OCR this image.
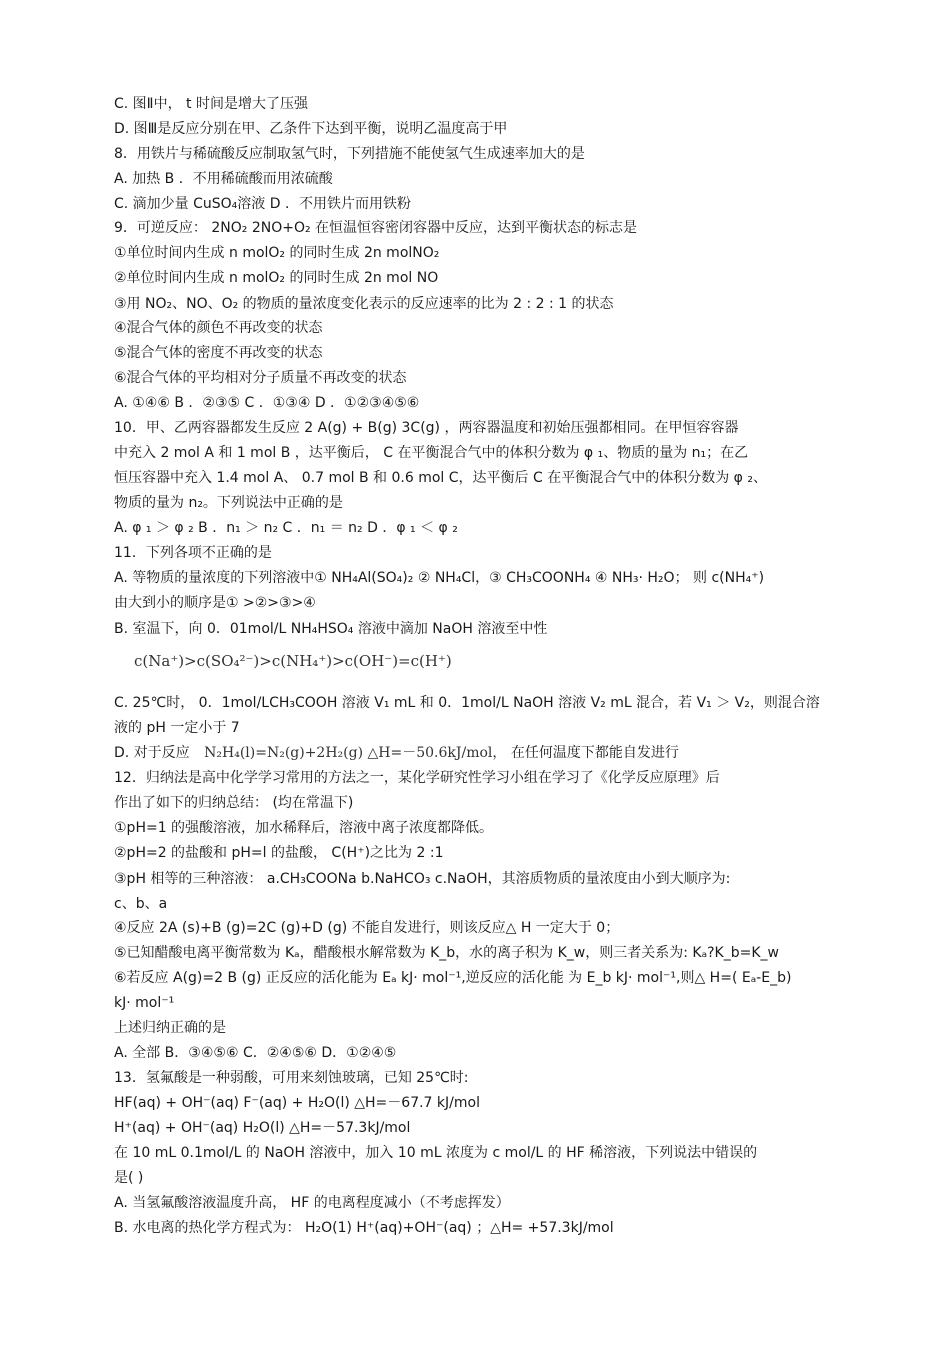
C. 图Ⅱ中， t 时间是增大了压强
D. 图Ⅲ是反应分别在甲、乙条件下达到平衡，说明乙温度高于甲
8．用铁片与稀硫酸反应制取氢气时，下列措施不能使氢气生成速率加大的是
A. 加热 B ．不用稀硫酸而用浓硫酸
C. 滴加少量 CuSO₄溶液 D ．不用铁片而用铁粉
9．可逆反应： 2NO₂ 2NO+O₂ 在恒温恒容密闭容器中反应，达到平衡状态的标志是
①单位时间内生成 n molO₂ 的同时生成 2n molNO₂
②单位时间内生成 n molO₂ 的同时生成 2n mol NO
③用 NO₂、NO、O₂ 的物质的量浓度变化表示的反应速率的比为 2 : 2 : 1 的状态
④混合气体的颜色不再改变的状态
⑤混合气体的密度不再改变的状态
⑥混合气体的平均相对分子质量不再改变的状态
A. ①④⑥ B ．②③⑤ C ．①③④ D ．①②③④⑤⑥
10．甲、乙两容器都发生反应 2 A(g) + B(g) 3C(g) ，两容器温度和初始压强都相同。在甲恒容容器
中充入 2 mol A 和 1 mol B ，达平衡后， C 在平衡混合气中的体积分数为 φ ₁、物质的量为 n₁；在乙
恒压容器中充入 1.4 mol A、 0.7 mol B 和 0.6 mol C，达平衡后 C 在平衡混合气中的体积分数为 φ ₂、
物质的量为 n₂。下列说法中正确的是
A. φ ₁ ＞ φ ₂ B ．n₁ ＞ n₂ C ．n₁ ＝ n₂ D ．φ ₁ ＜ φ ₂
11．下列各项不正确的是
A. 等物质的量浓度的下列溶液中① NH₄Al(SO₄)₂ ② NH₄Cl，③ CH₃COONH₄ ④ NH₃· H₂O； 则 c(NH₄⁺)
由大到小的顺序是① >②>③>④
B. 室温下，向 0．01mol/L NH₄HSO₄ 溶液中滴加 NaOH 溶液至中性
c(Na⁺)>c(SO₄²⁻)>c(NH₄⁺)>c(OH⁻)=c(H⁺)
C. 25℃时， 0．1mol/LCH₃COOH 溶液 V₁ mL 和 0．1mol/L NaOH 溶液 V₂ mL 混合，若 V₁ ＞ V₂，则混合溶
液的 pH 一定小于 7
D. 对于反应 N₂H₄(l)=N₂(g)+2H₂(g) △H=－50.6kJ/mol， 在任何温度下都能自发进行
12．归纳法是高中化学学习常用的方法之一，某化学研究性学习小组在学习了《化学反应原理》后
作出了如下的归纳总结： (均在常温下)
①pH=1 的强酸溶液，加水稀释后，溶液中离子浓度都降低。
②pH=2 的盐酸和 pH=l 的盐酸， C(H⁺)之比为 2 :1
③pH 相等的三种溶液： a.CH₃COONa b.NaHCO₃ c.NaOH，其溶质物质的量浓度由小到大顺序为:
c、b、a
④反应 2A (s)+B (g)=2C (g)+D (g) 不能自发进行，则该反应△ H 一定大于 0；
⑤已知醋酸电离平衡常数为 Kₐ，醋酸根水解常数为 K_b，水的离子积为 K_w，则三者关系为: Kₐ?K_b=K_w
⑥若反应 A(g)=2 B (g) 正反应的活化能为 Eₐ kJ· mol⁻¹,逆反应的活化能 为 E_b kJ· mol⁻¹,则△ H=( Eₐ-E_b)
kJ· mol⁻¹
上述归纳正确的是
A. 全部 B．③④⑤⑥ C．②④⑤⑥ D．①②④⑤
13．氢氟酸是一种弱酸，可用来刻蚀玻璃，已知 25℃时:
HF(aq) + OH⁻(aq) F⁻(aq) + H₂O(l) △H=－67.7 kJ/mol
H⁺(aq) + OH⁻(aq) H₂O(l) △H=－57.3kJ/mol
在 10 mL 0.1mol/L 的 NaOH 溶液中，加入 10 mL 浓度为 c mol/L 的 HF 稀溶液，下列说法中错误的
是( )
A. 当氢氟酸溶液温度升高， HF 的电离程度减小（不考虑挥发）
B. 水电离的热化学方程式为： H₂O(1) H⁺(aq)+OH⁻(aq) ；△H= +57.3kJ/mol
